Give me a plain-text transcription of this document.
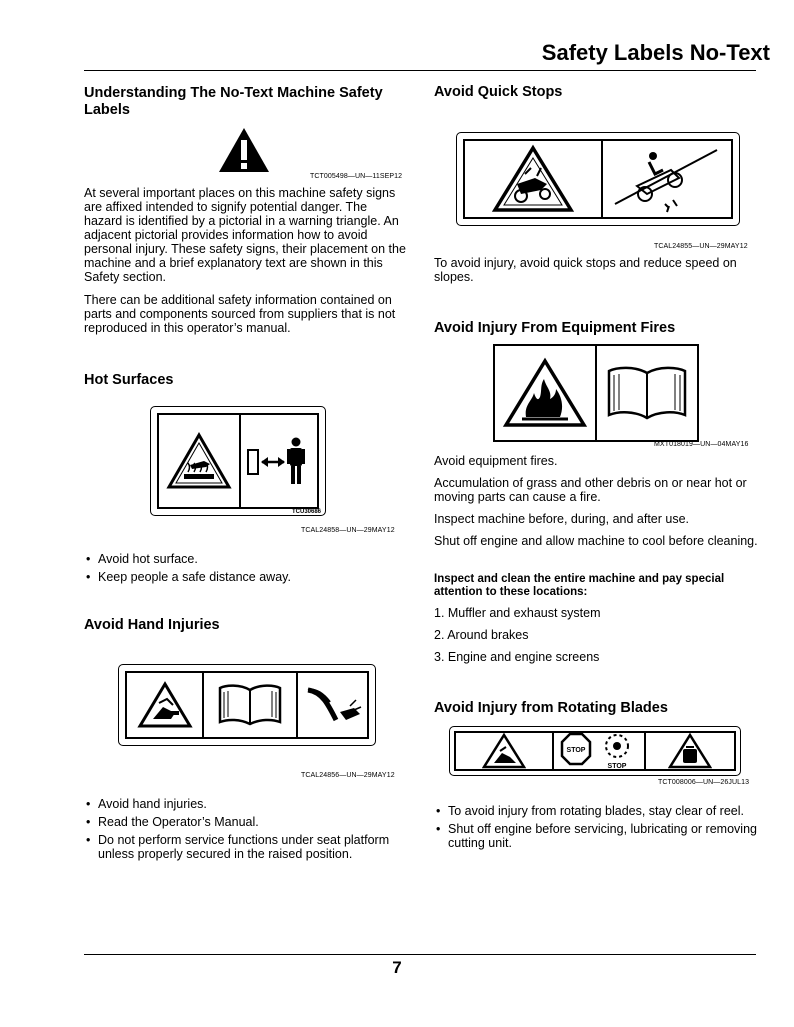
Safety Labels No-Text
Understanding The No-Text Machine Safety Labels
TCT005498—UN—11SEP12

At several important places on this machine safety signs are affixed intended to signify potential danger. The hazard is identified by a pictorial in a warning triangle. An adjacent pictorial provides information how to avoid personal injury. These safety signs, their placement on the machine and a brief explanatory text are shown in this Safety section.

There can be additional safety information contained on parts and components sourced from suppliers that is not reproduced in this operator’s manual.

Hot Surfaces
TCU30686
TCAL24858—UN—29MAY12
• Avoid hot surface.
• Keep people a safe distance away.
Avoid Hand Injuries
TCAL24856—UN—29MAY12
• Avoid hand injuries.
• Read the Operator’s Manual.
• Do not perform service functions under seat platform unless properly secured in the raised position.
Avoid Quick Stops
TCAL24855—UN—29MAY12

To avoid injury, avoid quick stops and reduce speed on slopes.

Avoid Injury From Equipment Fires
MXT018019—UN—04MAY16

Avoid equipment fires.

Accumulation of grass and other debris on or near hot or moving parts can cause a fire.

Inspect machine before, during, and after use.

Shut off engine and allow machine to cool before cleaning.

Inspect and clean the entire machine and pay special attention to these locations:

1. Muffler and exhaust system

2. Around brakes

3. Engine and engine screens

Avoid Injury from Rotating Blades
STOP
STOP
TCT008006—UN—26JUL13
• To avoid injury from rotating blades, stay clear of reel.
• Shut off engine before servicing, lubricating or removing cutting unit.
7
